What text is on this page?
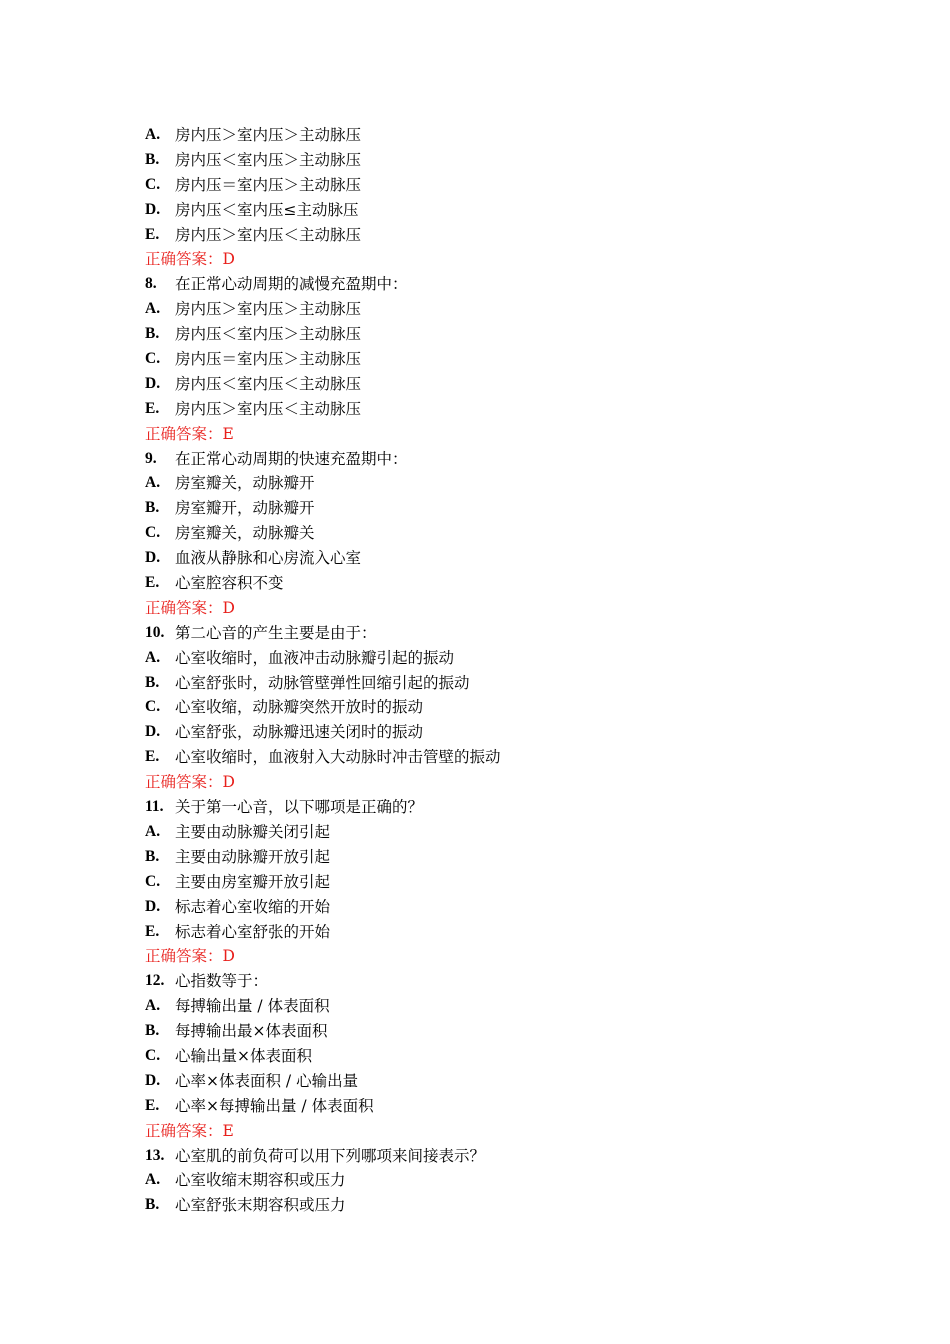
A. 房内压＞室内压＞主动脉压
B.	房内压＜室内压＞主动脉压
C. 房内压＝室内压＞主动脉压
D. 房内压＜室内压≤主动脉压
E.	房内压＞室内压＜主动脉压
正确答案：D
8.	在正常心动周期的减慢充盈期中：
A. 房内压＞室内压＞主动脉压
B.	房内压＜室内压＞主动脉压
C. 房内压＝室内压＞主动脉压
D. 房内压＜室内压＜主动脉压
E.	房内压＞室内压＜主动脉压
正确答案：E
9.	在正常心动周期的快速充盈期中：
A. 房室瓣关，动脉瓣开
B.	房室瓣开，动脉瓣开
C. 房室瓣关，动脉瓣关
D. 血液从静脉和心房流入心室
E.	心室腔容积不变
正确答案：D
10. 第二心音的产生主要是由于：
A. 心室收缩时，血液冲击动脉瓣引起的振动
B.	心室舒张时，动脉管壁弹性回缩引起的振动
C. 心室收缩，动脉瓣突然开放时的振动
D. 心室舒张，动脉瓣迅速关闭时的振动
E.	心室收缩时，血液射入大动脉时冲击管壁的振动
正确答案：D
11. 关于第一心音，以下哪项是正确的？
A. 主要由动脉瓣关闭引起
B.	主要由动脉瓣开放引起
C. 主要由房室瓣开放引起
D. 标志着心室收缩的开始
E.	标志着心室舒张的开始
正确答案：D
12. 心指数等于：
A. 每搏输出量 / 体表面积
B.	每搏输出最×体表面积
C. 心输出量×体表面积
D. 心率×体表面积 / 心输出量
E.	心率×每搏输出量 / 体表面积
正确答案：E
13. 心室肌的前负荷可以用下列哪项来间接表示？
A. 心室收缩末期容积或压力
B.	心室舒张末期容积或压力
